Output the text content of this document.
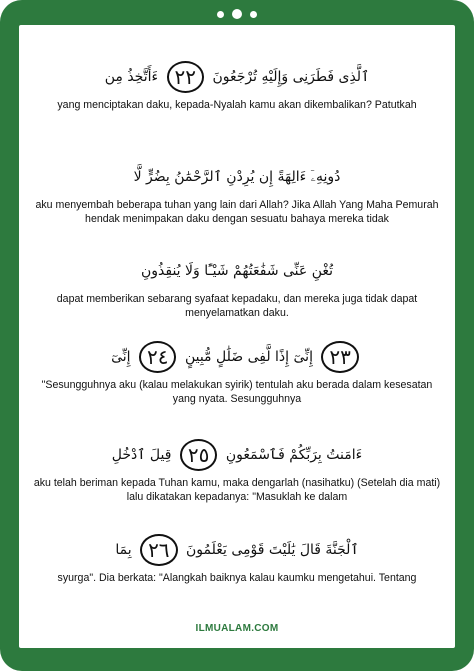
ٱلَّذِى فَطَرَنِى وَإِلَيْهِ تُرْجَعُونَ ٢٢ ءَأَتَّخِذُ مِن
yang menciptakan daku, kepada-Nyalah kamu akan dikembalikan? Patutkah
دُونِهِۦٓ ءَالِهَةً إِن يُرِدْنِ ٱلرَّحْمَٰنُ بِضُرٍّ لَّا
aku menyembah beberapa tuhan yang lain dari Allah? Jika Allah Yang Maha Pemurah hendak menimpakan daku dengan sesuatu bahaya mereka tidak
تُغْنِ عَنِّى شَفَٰعَتُهُمْ شَيْـًٔا وَلَا يُنقِذُونِ
dapat memberikan sebarang syafaat kepadaku, dan mereka juga tidak dapat menyelamatkan daku.
٢٣ إِنِّىٓ إِذًا لَّفِى ضَلَٰلٍ مُّبِينٍ ٢٤ إِنِّىٓ
"Sesungguhnya aku (kalau melakukan syirik) tentulah aku berada dalam kesesatan yang nyata. Sesungguhnya
ءَامَنتُ بِرَبِّكُمْ فَٱسْمَعُونِ ٢٥ قِيلَ ٱدْخُلِ
aku telah beriman kepada Tuhan kamu, maka dengarlah (nasihatku) (Setelah dia mati) lalu dikatakan kepadanya: "Masuklah ke dalam
ٱلْجَنَّةَ قَالَ يَٰلَيْتَ قَوْمِى يَعْلَمُونَ ٢٦ بِمَا
syurga". Dia berkata: "Alangkah baiknya kalau kaumku mengetahui. Tentang
ILMUALAM.COM
